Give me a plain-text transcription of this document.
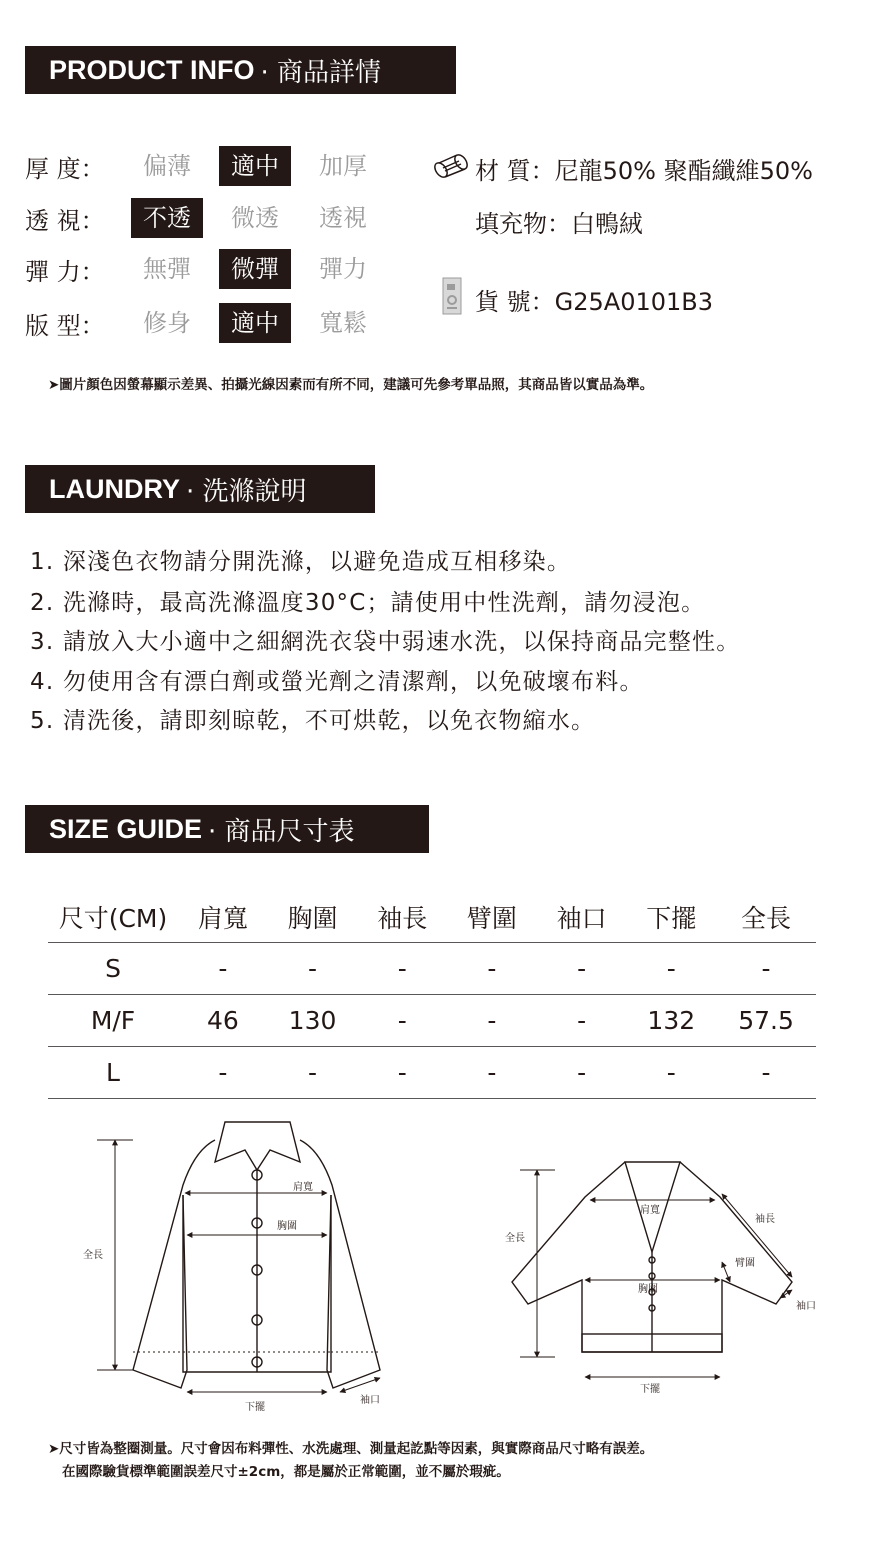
PRODUCT INFO · 商品詳情
厚 度：	偏薄	適中	加厚
透 視：	不透	微透	透視
彈 力：	無彈	微彈	彈力
版 型：	修身	適中	寬鬆
材 質：尼龍50% 聚酯纖維50%
填充物：白鴨絨
貨 號：G25A0101B3
➤圖片顏色因螢幕顯示差異、拍攝光線因素而有所不同，建議可先參考單品照，其商品皆以實品為準。
LAUNDRY · 洗滌說明
1. 深淺色衣物請分開洗滌，以避免造成互相移染。
2. 洗滌時，最高洗滌溫度30°C；請使用中性洗劑，請勿浸泡。
3. 請放入大小適中之細網洗衣袋中弱速水洗，以保持商品完整性。
4. 勿使用含有漂白劑或螢光劑之清潔劑，以免破壞布料。
5. 清洗後，請即刻晾乾，不可烘乾，以免衣物縮水。
SIZE GUIDE · 商品尺寸表
尺寸(CM)	肩寬	胸圍	袖長	臂圍	袖口	下擺	全長
S	-	-	-	-	-	-	-
M/F	46	130	-	-	-	132	57.5
L	-	-	-	-	-	-	-
肩寬
胸圍
全長
下擺
袖口
肩寬
袖長
臂圍
全長
胸圍
袖口
下擺
➤尺寸皆為整圈測量。尺寸會因布料彈性、水洗處理、測量起訖點等因素，與實際商品尺寸略有誤差。
在國際驗貨標準範圍誤差尺寸±2cm，都是屬於正常範圍，並不屬於瑕疵。
